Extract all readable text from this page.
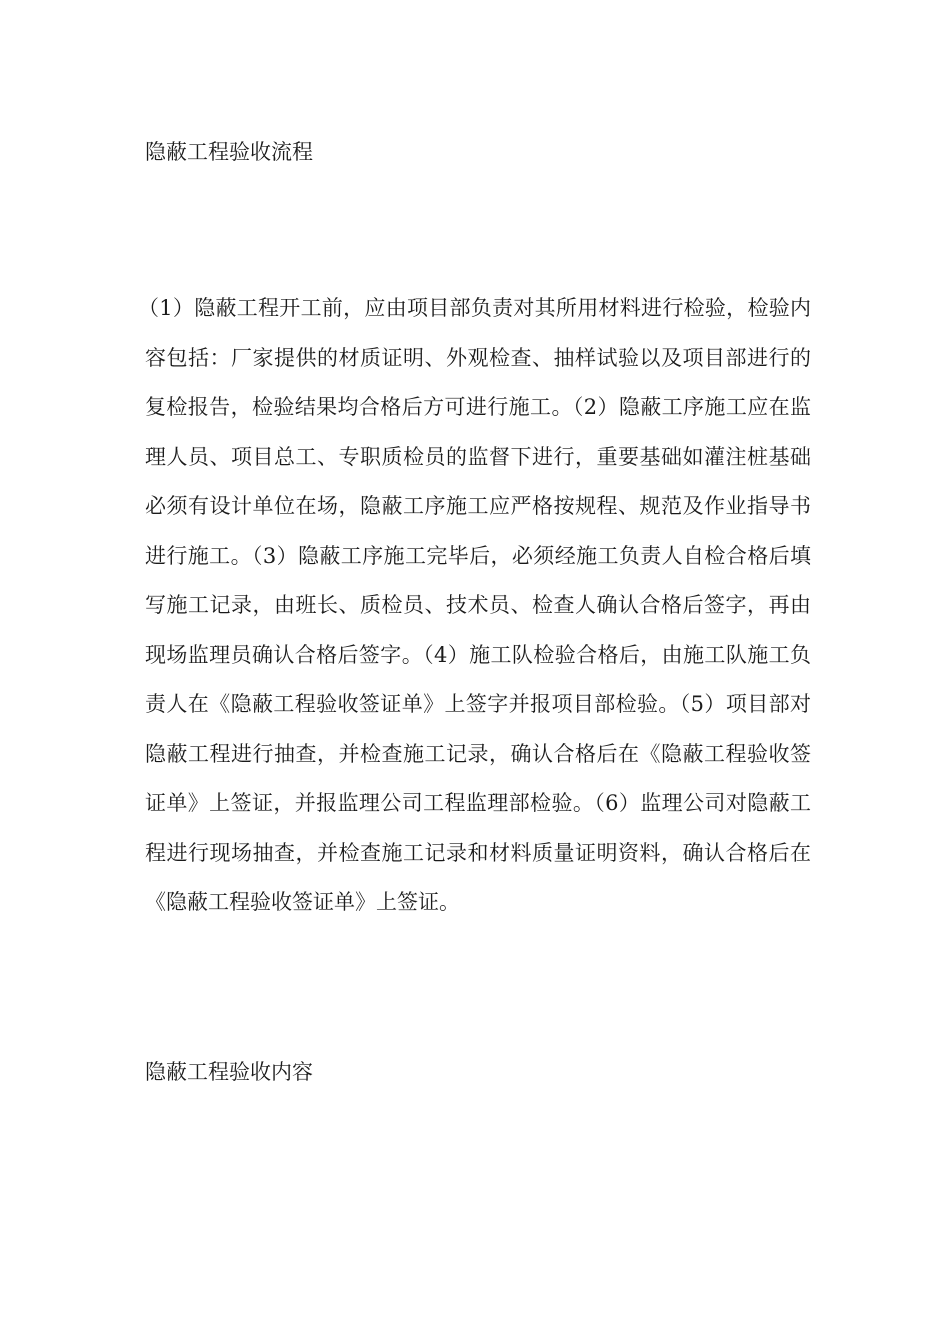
隐蔽工程验收流程

（1）隐蔽工程开工前，应由项目部负责对其所用材料进行检验，检验内容包括：厂家提供的材质证明、外观检查、抽样试验以及项目部进行的复检报告，检验结果均合格后方可进行施工。（2）隐蔽工序施工应在监理人员、项目总工、专职质检员的监督下进行，重要基础如灌注桩基础必须有设计单位在场，隐蔽工序施工应严格按规程、规范及作业指导书进行施工。（3）隐蔽工序施工完毕后，必须经施工负责人自检合格后填写施工记录，由班长、质检员、技术员、检查人确认合格后签字，再由现场监理员确认合格后签字。（4）施工队检验合格后，由施工队施工负责人在《隐蔽工程验收签证单》上签字并报项目部检验。（5）项目部对隐蔽工程进行抽查，并检查施工记录，确认合格后在《隐蔽工程验收签证单》上签证，并报监理公司工程监理部检验。（6）监理公司对隐蔽工程进行现场抽查，并检查施工记录和材料质量证明资料，确认合格后在《隐蔽工程验收签证单》上签证。

隐蔽工程验收内容
